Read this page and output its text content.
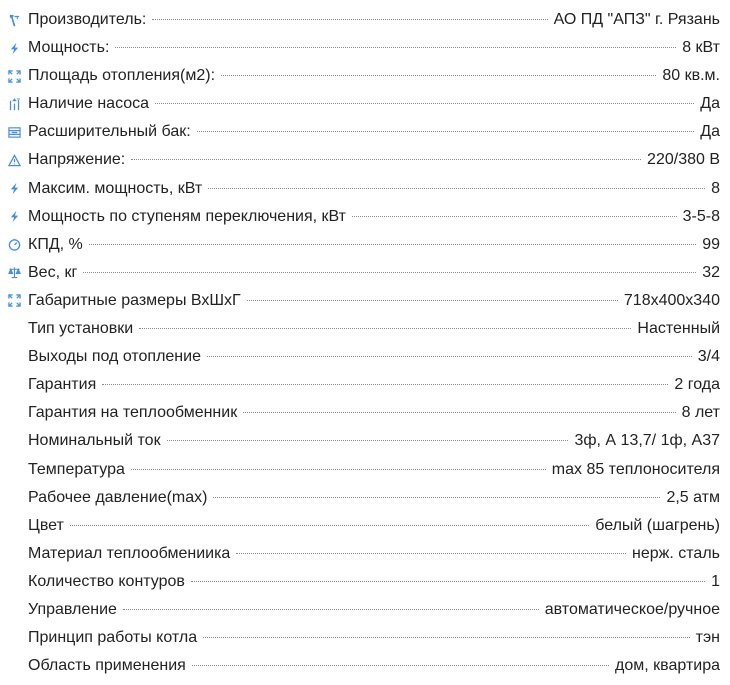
Производитель:	АО ПД "АПЗ" г. Рязань
Мощность:	8 кВт
Площадь отопления(м2):	80 кв.м.
Наличие насоса	Да
Расширительный бак:	Да
Напряжение:	220/380 В
Максим. мощность, кВт	8
Мощность по ступеням переключения, кВт	3-5-8
КПД, %	99
Вес, кг	32
Габаритные размеры ВхШхГ	718х400х340
Тип установки	Настенный
Выходы под отопление	3/4
Гарантия	2 года
Гарантия на теплообменник	8 лет
Номинальный ток	3ф, А 13,7/ 1ф, А37
Температура	max 85 теплоносителя
Рабочее давление(max)	2,5 атм
Цвет	белый (шагрень)
Материал теплообмениика	нерж. сталь
Количество контуров	1
Управление	автоматическое/ручное
Принцип работы котла	тэн
Область применения	дом, квартира
